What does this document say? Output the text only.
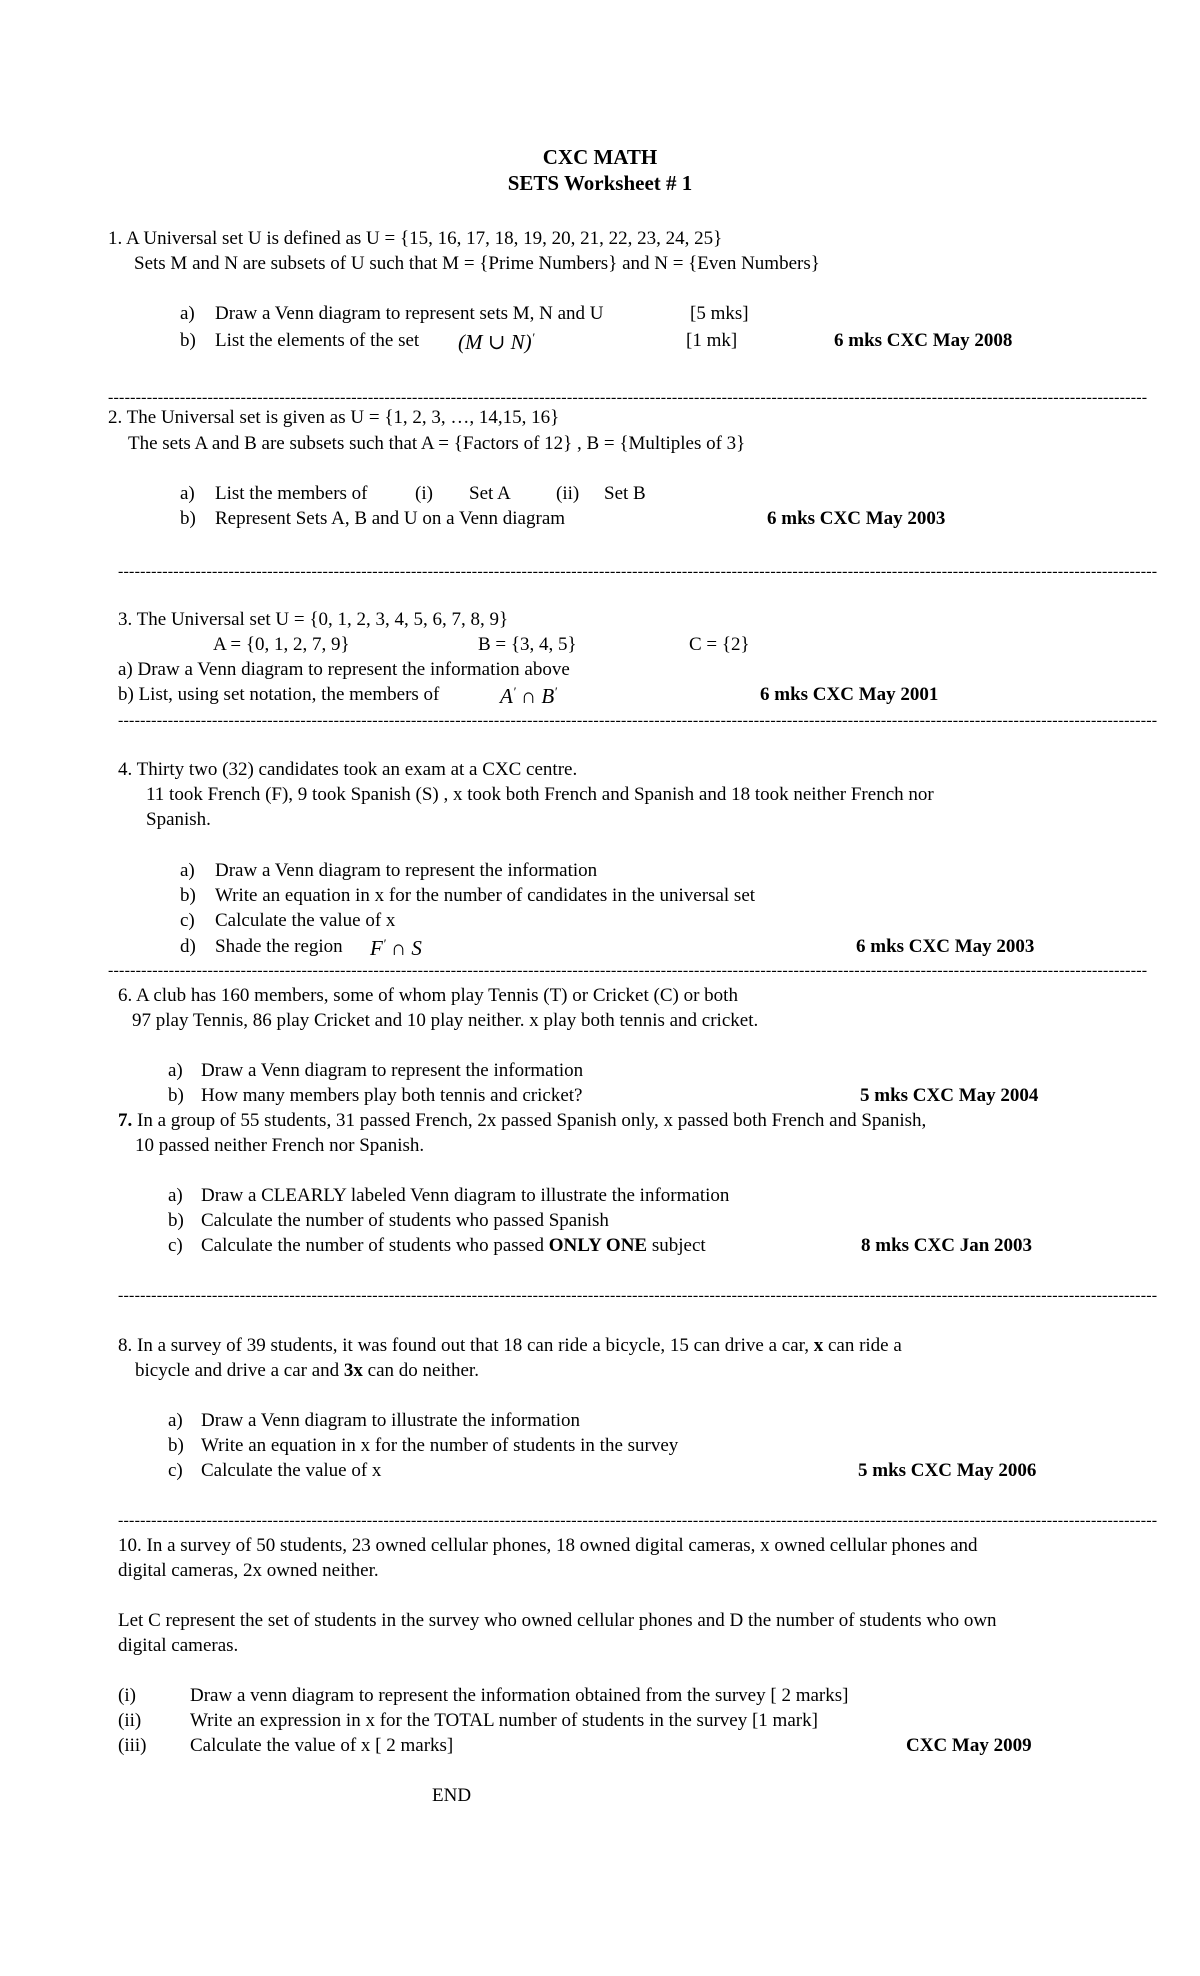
CXC MATH
SETS Worksheet # 1
1. A Universal set U is defined as U = {15, 16, 17, 18, 19, 20, 21, 22, 23, 24, 25}
Sets M and N are subsets of U such that M = {Prime Numbers} and N = {Even Numbers}
a) Draw a Venn diagram to represent sets M, N and U	[5 mks]
b) List the elements of the set (M ∪ N)′	[1 mk]	6 mks CXC May 2008
--------------------------------------------------------------------------------------------------------------------------------------------------------------------------------------------
2. The Universal set is given as U = {1, 2, 3, …, 14,15, 16}
The sets A and B are subsets such that A = {Factors of 12} , B = {Multiples of 3}
a) List the members of	(i) Set A (ii) Set B
b) Represent Sets A, B and U on a Venn diagram	6 mks CXC May 2003
--------------------------------------------------------------------------------------------------------------------------------------------------------------------------------------------
3. The Universal set U = {0, 1, 2, 3, 4, 5, 6, 7, 8, 9}
A = {0, 1, 2, 7, 9}	B = {3, 4, 5}	C = {2}
a) Draw a Venn diagram to represent the information above
b) List, using set notation, the members of	A′ ∩ B′	6 mks CXC May 2001
--------------------------------------------------------------------------------------------------------------------------------------------------------------------------------------------
4. Thirty two (32) candidates took an exam at a CXC centre.
11 took French (F), 9 took Spanish (S) , x took both French and Spanish and 18 took neither French nor
Spanish.
a) Draw a Venn diagram to represent the information
b) Write an equation in x for the number of candidates in the universal set
c) Calculate the value of x
d) Shade the region F′ ∩ S	6 mks CXC May 2003
--------------------------------------------------------------------------------------------------------------------------------------------------------------------------------------------
6. A club has 160 members, some of whom play Tennis (T) or Cricket (C) or both
97 play Tennis, 86 play Cricket and 10 play neither. x play both tennis and cricket.
a) Draw a Venn diagram to represent the information
b) How many members play both tennis and cricket?	5 mks CXC May 2004
7. In a group of 55 students, 31 passed French, 2x passed Spanish only, x passed both French and Spanish,
10 passed neither French nor Spanish.
a) Draw a CLEARLY labeled Venn diagram to illustrate the information
b) Calculate the number of students who passed Spanish
c) Calculate the number of students who passed ONLY ONE subject	8 mks CXC Jan 2003
--------------------------------------------------------------------------------------------------------------------------------------------------------------------------------------------
8. In a survey of 39 students, it was found out that 18 can ride a bicycle, 15 can drive a car, x can ride a
bicycle and drive a car and 3x can do neither.
a) Draw a Venn diagram to illustrate the information
b) Write an equation in x for the number of students in the survey
c) Calculate the value of x	5 mks CXC May 2006
--------------------------------------------------------------------------------------------------------------------------------------------------------------------------------------------
10. In a survey of 50 students, 23 owned cellular phones, 18 owned digital cameras, x owned cellular phones and
digital cameras, 2x owned neither.
Let C represent the set of students in the survey who owned cellular phones and D the number of students who own
digital cameras.
(i)	Draw a venn diagram to represent the information obtained from the survey [ 2 marks]
(ii)	Write an expression in x for the TOTAL number of students in the survey [1 mark]
(iii) Calculate the value of x [ 2 marks]	CXC May 2009
END
